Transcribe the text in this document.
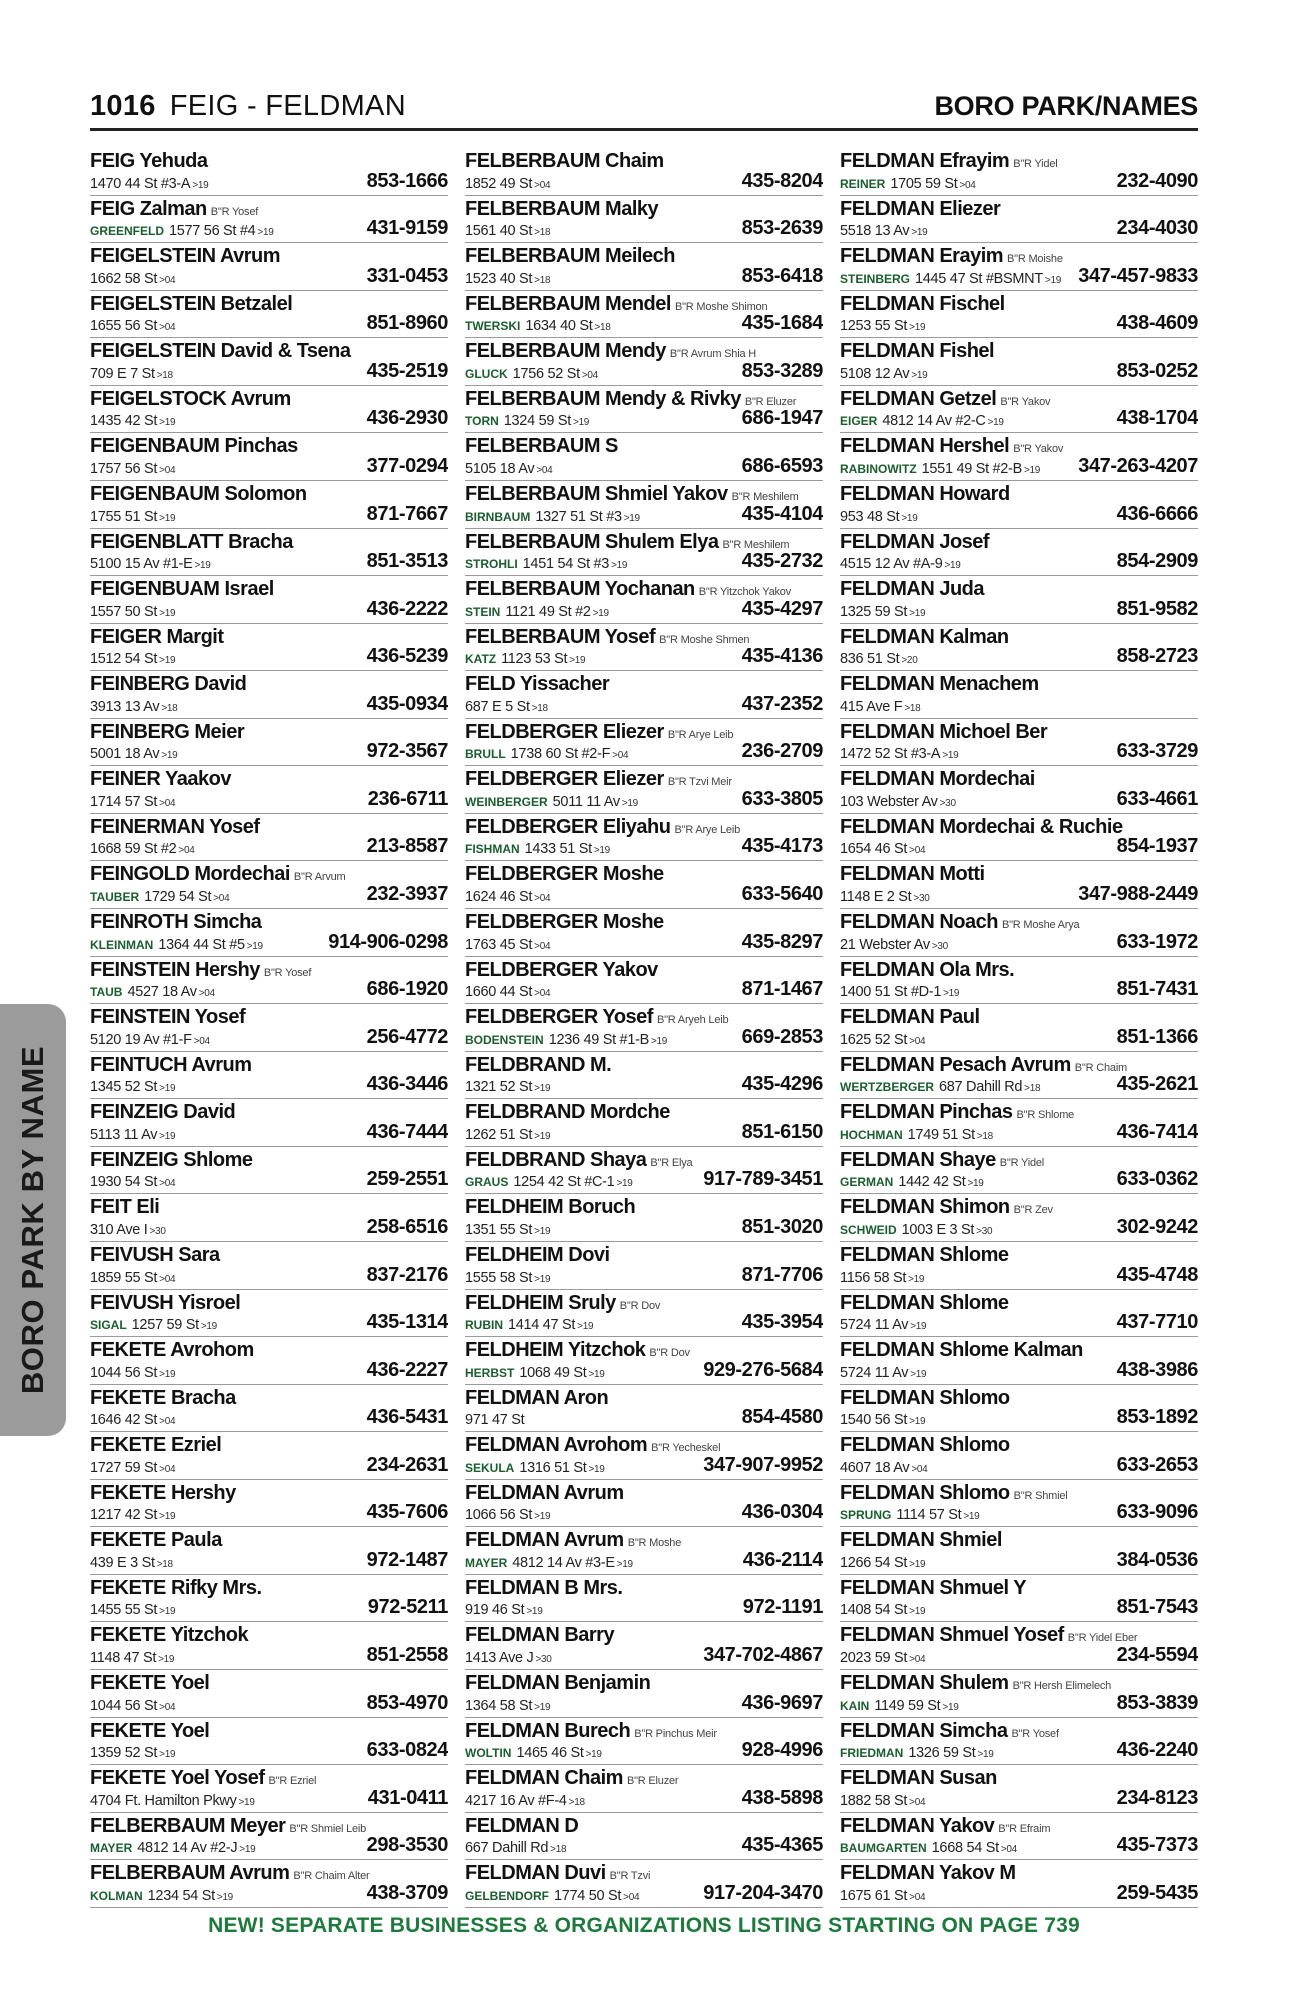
1016 FEIG - FELDMAN	BORO PARK/NAMES
FEIG Yehuda
1470 44 St #3-A >19	853-1666
FEIG Zalman B"R Yosef
GREENFELD 1577 56 St #4 >19	431-9159
FEIGELSTEIN Avrum
1662 58 St >04	331-0453
FEIGELSTEIN Betzalel
1655 56 St >04	851-8960
FEIGELSTEIN David & Tsena
709 E 7 St >18	435-2519
FEIGELSTOCK Avrum
1435 42 St >19	436-2930
FEIGENBAUM Pinchas
1757 56 St >04	377-0294
FEIGENBAUM Solomon
1755 51 St >19	871-7667
FEIGENBLATT Bracha
5100 15 Av #1-E >19	851-3513
FEIGENBUAM Israel
1557 50 St >19	436-2222
FEIGER Margit
1512 54 St >19	436-5239
FEINBERG David
3913 13 Av >18	435-0934
FEINBERG Meier
5001 18 Av >19	972-3567
FEINER Yaakov
1714 57 St >04	236-6711
FEINERMAN Yosef
1668 59 St #2 >04	213-8587
FEINGOLD Mordechai B"R Arvum
TAUBER 1729 54 St >04	232-3937
FEINROTH Simcha
KLEINMAN 1364 44 St #5 >19	914-906-0298
FEINSTEIN Hershy B"R Yosef
TAUB 4527 18 Av >04	686-1920
FEINSTEIN Yosef
5120 19 Av #1-F >04	256-4772
FEINTUCH Avrum
1345 52 St >19	436-3446
FEINZEIG David
5113 11 Av >19	436-7444
FEINZEIG Shlome
1930 54 St >04	259-2551
FEIT Eli
310 Ave I >30	258-6516
FEIVUSH Sara
1859 55 St >04	837-2176
FEIVUSH Yisroel
SIGAL 1257 59 St >19	435-1314
FEKETE Avrohom
1044 56 St >19	436-2227
FEKETE Bracha
1646 42 St >04	436-5431
FEKETE Ezriel
1727 59 St >04	234-2631
FEKETE Hershy
1217 42 St >19	435-7606
FEKETE Paula
439 E 3 St >18	972-1487
FEKETE Rifky Mrs.
1455 55 St >19	972-5211
FEKETE Yitzchok
1148 47 St >19	851-2558
FEKETE Yoel
1044 56 St >04	853-4970
FEKETE Yoel
1359 52 St >19	633-0824
FEKETE Yoel Yosef B"R Ezriel
4704 Ft. Hamilton Pkwy >19	431-0411
FELBERBAUM Meyer B"R Shmiel Leib
MAYER 4812 14 Av #2-J >19	298-3530
FELBERBAUM Avrum B"R Chaim Alter
KOLMAN 1234 54 St >19	438-3709
FELBERBAUM Chaim
1852 49 St >04	435-8204
FELBERBAUM Malky
1561 40 St >18	853-2639
FELBERBAUM Meilech
1523 40 St >18	853-6418
FELBERBAUM Mendel B"R Moshe Shimon
TWERSKI 1634 40 St >18	435-1684
FELBERBAUM Mendy B"R Avrum Shia H
GLUCK 1756 52 St >04	853-3289
FELBERBAUM Mendy & Rivky B"R Eluzer
TORN 1324 59 St >19	686-1947
FELBERBAUM S
5105 18 Av >04	686-6593
FELBERBAUM Shmiel Yakov B"R Meshilem
BIRNBAUM 1327 51 St #3 >19	435-4104
FELBERBAUM Shulem Elya B"R Meshilem
STROHLI 1451 54 St #3 >19	435-2732
FELBERBAUM Yochanan B"R Yitzchok Yakov
STEIN 1121 49 St #2 >19	435-4297
FELBERBAUM Yosef B"R Moshe Shmen
KATZ 1123 53 St >19	435-4136
FELD Yissacher
687 E 5 St >18	437-2352
FELDBERGER Eliezer B"R Arye Leib
BRULL 1738 60 St #2-F >04	236-2709
FELDBERGER Eliezer B"R Tzvi Meir
WEINBERGER 5011 11 Av >19	633-3805
FELDBERGER Eliyahu B"R Arye Leib
FISHMAN 1433 51 St >19	435-4173
FELDBERGER Moshe
1624 46 St >04	633-5640
FELDBERGER Moshe
1763 45 St >04	435-8297
FELDBERGER Yakov
1660 44 St >04	871-1467
FELDBERGER Yosef B"R Aryeh Leib
BODENSTEIN 1236 49 St #1-B >19	669-2853
FELDBRAND M.
1321 52 St >19	435-4296
FELDBRAND Mordche
1262 51 St >19	851-6150
FELDBRAND Shaya B"R Elya
GRAUS 1254 42 St #C-1 >19	917-789-3451
FELDHEIM Boruch
1351 55 St >19	851-3020
FELDHEIM Dovi
1555 58 St >19	871-7706
FELDHEIM Sruly B"R Dov
RUBIN 1414 47 St >19	435-3954
FELDHEIM Yitzchok B"R Dov
HERBST 1068 49 St >19	929-276-5684
FELDMAN Aron
971 47 St	854-4580
FELDMAN Avrohom B"R Yecheskel
SEKULA 1316 51 St >19	347-907-9952
FELDMAN Avrum
1066 56 St >19	436-0304
FELDMAN Avrum B"R Moshe
MAYER 4812 14 Av #3-E >19	436-2114
FELDMAN B Mrs.
919 46 St >19	972-1191
FELDMAN Barry
1413 Ave J >30	347-702-4867
FELDMAN Benjamin
1364 58 St >19	436-9697
FELDMAN Burech B"R Pinchus Meir
WOLTIN 1465 46 St >19	928-4996
FELDMAN Chaim B"R Eluzer
4217 16 Av #F-4 >18	438-5898
FELDMAN D
667 Dahill Rd >18	435-4365
FELDMAN Duvi B"R Tzvi
GELBENDORF 1774 50 St >04	917-204-3470
FELDMAN Efrayim B"R Yidel
REINER 1705 59 St >04	232-4090
FELDMAN Eliezer
5518 13 Av >19	234-4030
FELDMAN Erayim B"R Moishe
STEINBERG 1445 47 St #BSMNT >19 347-457-9833
FELDMAN Fischel
1253 55 St >19	438-4609
FELDMAN Fishel
5108 12 Av >19	853-0252
FELDMAN Getzel B"R Yakov
EIGER 4812 14 Av #2-C >19	438-1704
FELDMAN Hershel B"R Yakov
RABINOWITZ 1551 49 St #2-B >19 347-263-4207
FELDMAN Howard
953 48 St >19	436-6666
FELDMAN Josef
4515 12 Av #A-9 >19	854-2909
FELDMAN Juda
1325 59 St >19	851-9582
FELDMAN Kalman
836 51 St >20	858-2723
FELDMAN Menachem
415 Ave F >18
FELDMAN Michoel Ber
1472 52 St #3-A >19	633-3729
FELDMAN Mordechai
103 Webster Av >30	633-4661
FELDMAN Mordechai & Ruchie
1654 46 St >04	854-1937
FELDMAN Motti
1148 E 2 St >30	347-988-2449
FELDMAN Noach B"R Moshe Arya
21 Webster Av >30	633-1972
FELDMAN Ola Mrs.
1400 51 St #D-1 >19	851-7431
FELDMAN Paul
1625 52 St >04	851-1366
FELDMAN Pesach Avrum B"R Chaim
WERTZBERGER 687 Dahill Rd >18	435-2621
FELDMAN Pinchas B"R Shlome
HOCHMAN 1749 51 St >18	436-7414
FELDMAN Shaye B"R Yidel
GERMAN 1442 42 St >19	633-0362
FELDMAN Shimon B"R Zev
SCHWEID 1003 E 3 St >30	302-9242
FELDMAN Shlome
1156 58 St >19	435-4748
FELDMAN Shlome
5724 11 Av >19	437-7710
FELDMAN Shlome Kalman
5724 11 Av >19	438-3986
FELDMAN Shlomo
1540 56 St >19	853-1892
FELDMAN Shlomo
4607 18 Av >04	633-2653
FELDMAN Shlomo B"R Shmiel
SPRUNG 1114 57 St >19	633-9096
FELDMAN Shmiel
1266 54 St >19	384-0536
FELDMAN Shmuel Y
1408 54 St >19	851-7543
FELDMAN Shmuel Yosef B"R Yidel Eber
2023 59 St >04	234-5594
FELDMAN Shulem B"R Hersh Elimelech
KAIN 1149 59 St >19	853-3839
FELDMAN Simcha B"R Yosef
FRIEDMAN 1326 59 St >19	436-2240
FELDMAN Susan
1882 58 St >04	234-8123
FELDMAN Yakov B"R Efraim
BAUMGARTEN 1668 54 St >04	435-7373
FELDMAN Yakov M
1675 61 St >04	259-5435
BORO PARK BY NAME
NEW! SEPARATE BUSINESSES & ORGANIZATIONS LISTING STARTING ON PAGE 739
